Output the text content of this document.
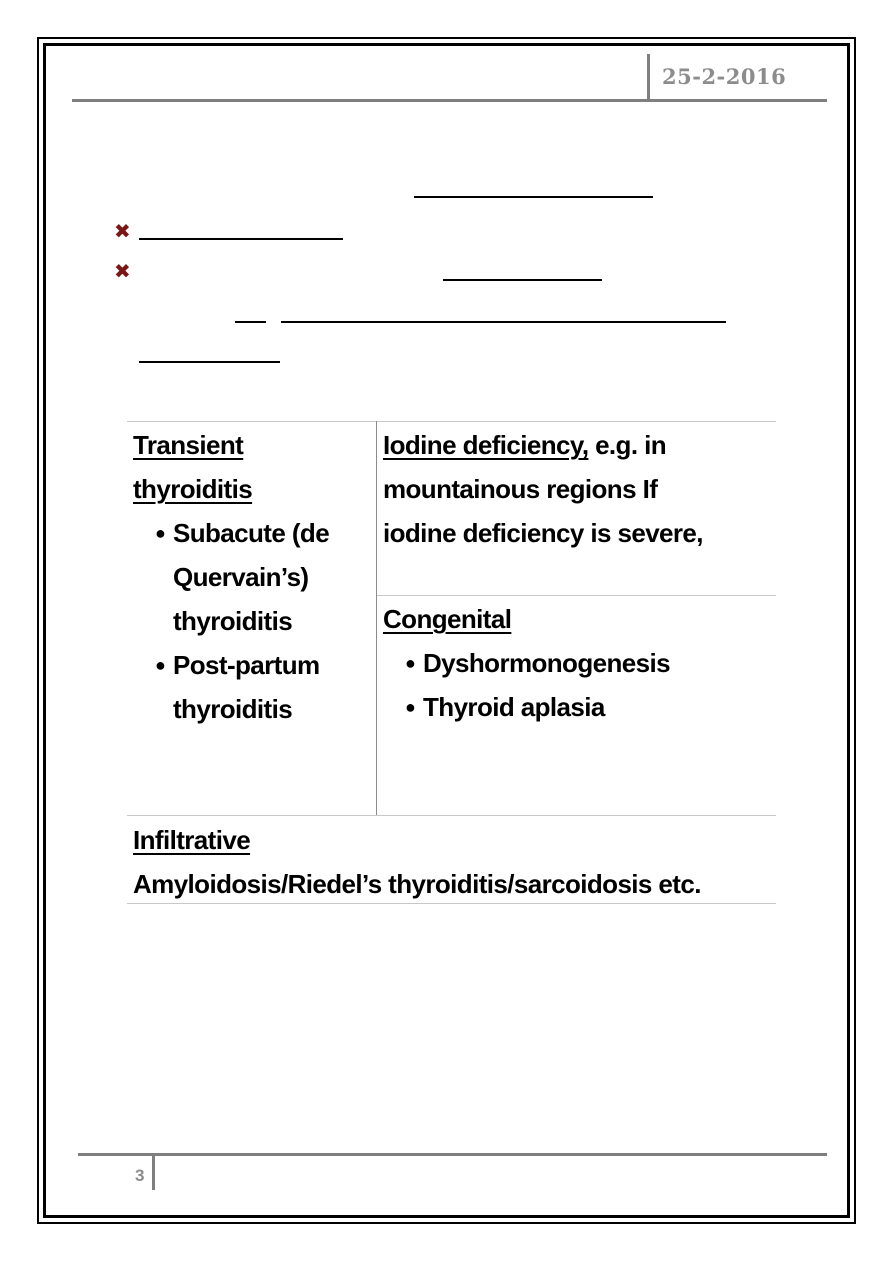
25-2-2016
✖
✖
Transient
thyroiditis
● Subacute (de
Quervain’s)
thyroiditis
● Post-partum
thyroiditis
Iodine deficiency, e.g. in
mountainous regions If
iodine deficiency is severe,
Congenital
● Dyshormonogenesis
● Thyroid aplasia
Infiltrative
Amyloidosis/Riedel’s thyroiditis/sarcoidosis etc.
3
